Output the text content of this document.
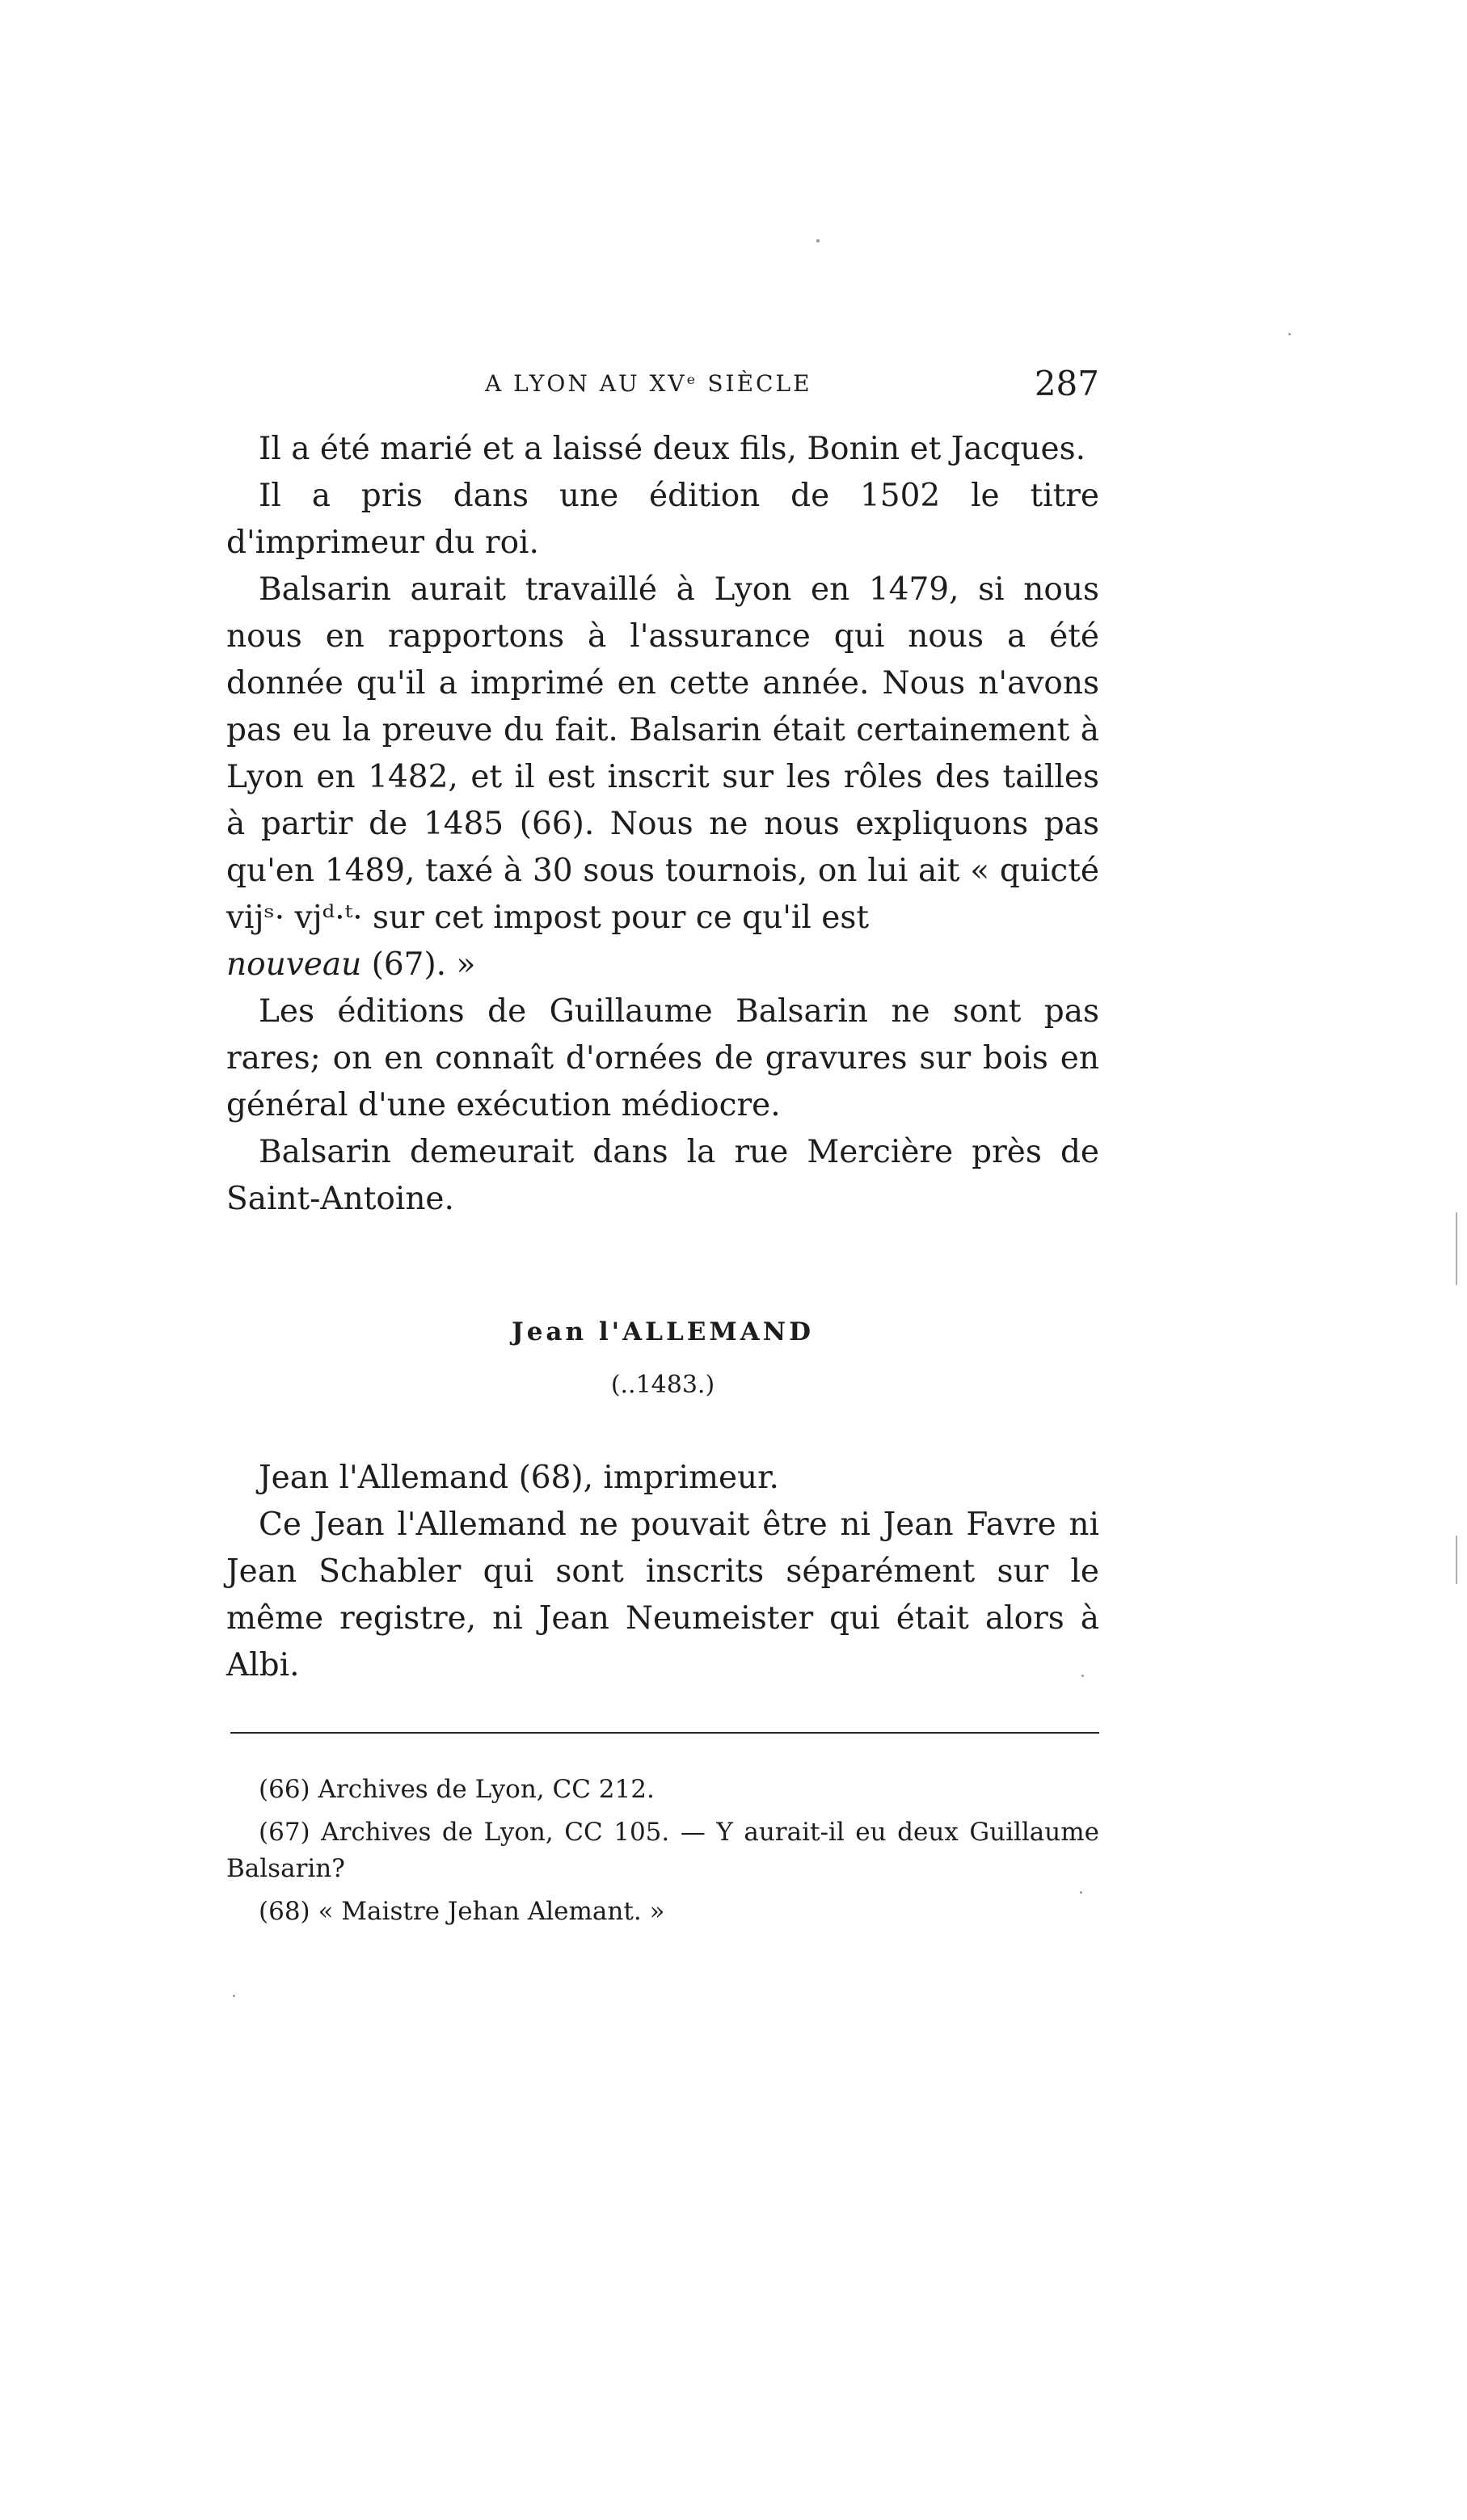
A LYON AU XVᵉ SIÈCLE	287

Il a été marié et a laissé deux fils, Bonin et Jacques.

Il a pris dans une édition de 1502 le titre d'imprimeur du roi.

Balsarin aurait travaillé à Lyon en 1479, si nous nous en rapportons à l'assurance qui nous a été donnée qu'il a imprimé en cette année. Nous n'avons pas eu la preuve du fait. Balsarin était certainement à Lyon en 1482, et il est inscrit sur les rôles des tailles à partir de 1485 (66). Nous ne nous expliquons pas qu'en 1489, taxé à 30 sous tournois, on lui ait « quicté vijˢ· vjᵈ·ᵗ· sur cet impost pour ce qu'il est
nouveau (67). »

Les éditions de Guillaume Balsarin ne sont pas rares; on en connaît d'ornées de gravures sur bois en général d'une exécution médiocre.

Balsarin demeurait dans la rue Mercière près de Saint-Antoine.

Jean l'ALLEMAND
(..1483.)

Jean l'Allemand (68), imprimeur.

Ce Jean l'Allemand ne pouvait être ni Jean Favre ni Jean Schabler qui sont inscrits séparément sur le même registre, ni Jean Neumeister qui était alors à Albi.

(66) Archives de Lyon, CC 212.

(67) Archives de Lyon, CC 105. — Y aurait-il eu deux Guillaume Balsarin?

(68) « Maistre Jehan Alemant. »
